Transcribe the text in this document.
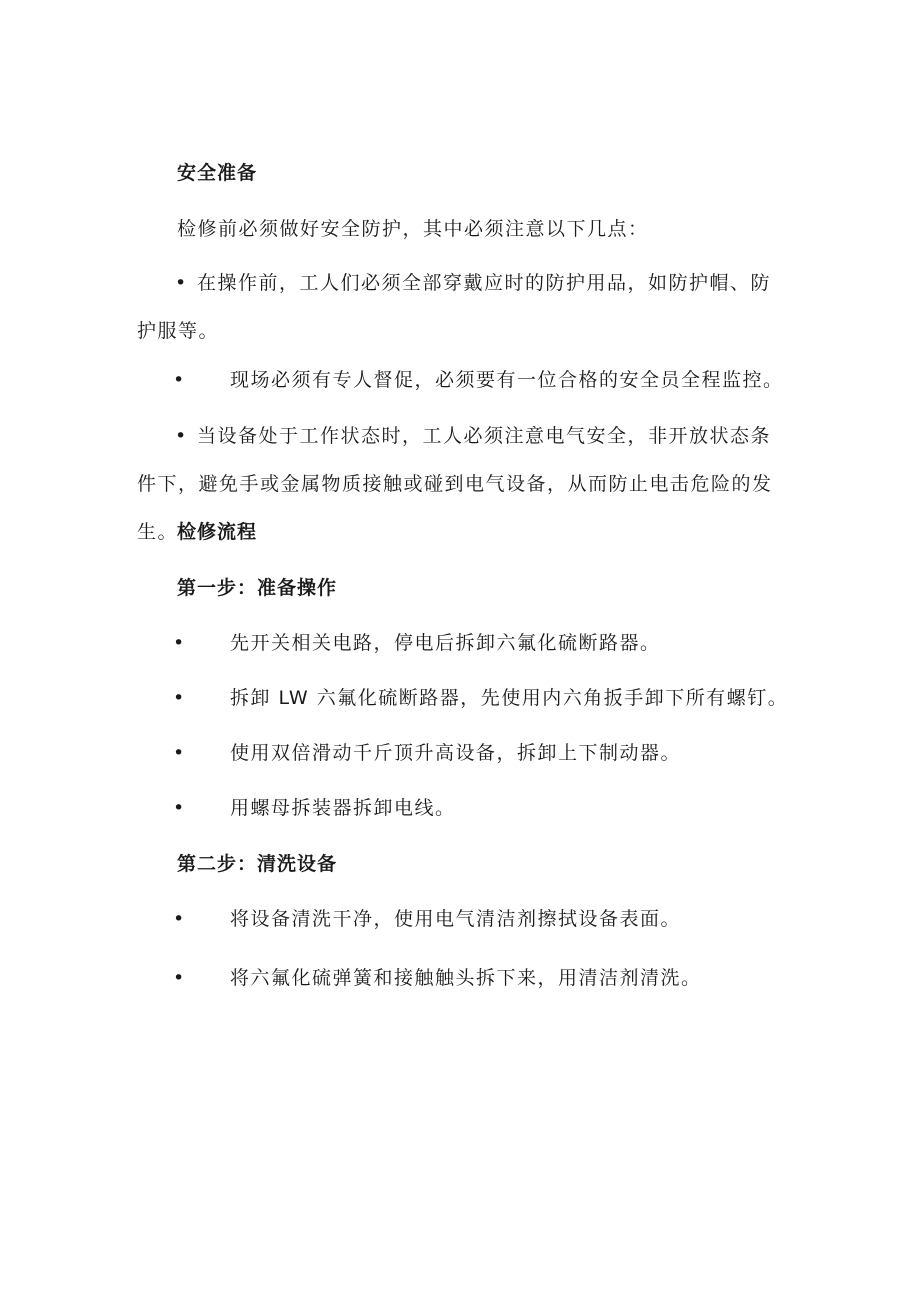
安全准备
检修前必须做好安全防护，其中必须注意以下几点：
• 在操作前，工人们必须全部穿戴应时的防护用品，如防护帽、防护服等。
• 现场必须有专人督促，必须要有一位合格的安全员全程监控。
• 当设备处于工作状态时，工人必须注意电气安全，非开放状态条件下，避免手或金属物质接触或碰到电气设备，从而防止电击危险的发生。
检修流程
第一步：准备操作
• 先开关相关电路，停电后拆卸六氟化硫断路器。
• 拆卸 LW 六氟化硫断路器，先使用内六角扳手卸下所有螺钉。
• 使用双倍滑动千斤顶升高设备，拆卸上下制动器。
• 用螺母拆装器拆卸电线。
第二步：清洗设备
• 将设备清洗干净，使用电气清洁剂擦拭设备表面。
• 将六氟化硫弹簧和接触触头拆下来，用清洁剂清洗。
